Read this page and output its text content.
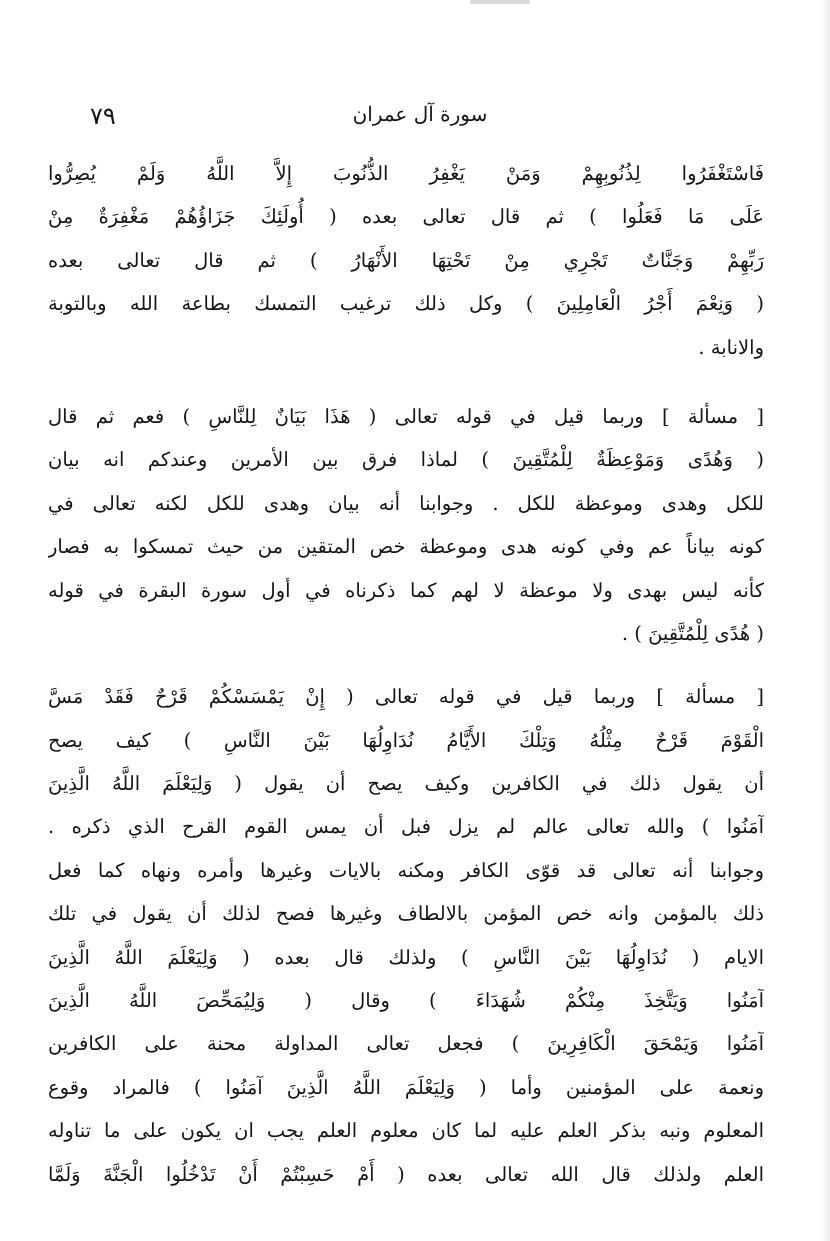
٧٩	سورة آل عمران
فَاسْتَغْفَرُوا لِذُنُوبِهِمْ وَمَنْ يَغْفِرُ الذُّنُوبَ إِلاَّ اللَّهُ وَلَمْ يُصِرُّوا
عَلَى مَا فَعَلُوا ) ثم قال تعالى بعده ( أُولَئِكَ جَزَاؤُهُمْ مَغْفِرَةٌ مِنْ
رَبِّهِمْ وَجَنَّاتٌ تَجْرِي مِنْ تَحْتِهَا الأَنْهَارُ ) ثم قال تعالى بعده
( وَنِعْمَ أَجْرُ الْعَامِلِينَ ) وكل ذلك ترغيب التمسك بطاعة الله وبالتوبة
والانابة .
[ مسألة ] وربما قيل في قوله تعالى ( هَذَا بَيَانٌ لِلنَّاسِ ) فعم ثم قال
( وَهُدًى وَمَوْعِظَةٌ لِلْمُتَّقِينَ ) لماذا فرق بين الأمرين وعندكم انه بيان
للكل وهدى وموعظة للكل . وجوابنا أنه بيان وهدى للكل لكنه تعالى في
كونه بياناً عم وفي كونه هدى وموعظة خص المتقين من حيث تمسكوا به فصار
كأنه ليس بهدى ولا موعظة لا لهم كما ذكرناه في أول سورة البقرة في قوله
( هُدًى لِلْمُتَّقِينَ ) .
[ مسألة ] وربما قيل في قوله تعالى ( إِنْ يَمْسَسْكُمْ قَرْحٌ فَقَدْ مَسَّ
الْقَوْمَ قَرْحٌ مِثْلُهُ وَتِلْكَ الأَيَّامُ نُدَاوِلُهَا بَيْنَ النَّاسِ ) كيف يصح
أن يقول ذلك في الكافرين وكيف يصح أن يقول ( وَلِيَعْلَمَ اللَّهُ الَّذِينَ
آمَنُوا ) والله تعالى عالم لم يزل فبل أن يمس القوم القرح الذي ذكره .
وجوابنا أنه تعالى قد قوّى الكافر ومكنه بالايات وغيرها وأمره ونهاه كما فعل
ذلك بالمؤمن وانه خص المؤمن بالالطاف وغيرها فصح لذلك أن يقول في تلك
الايام ( نُدَاوِلُهَا بَيْنَ النَّاسِ ) ولذلك قال بعده ( وَلِيَعْلَمَ اللَّهُ الَّذِينَ
آمَنُوا وَيَتَّخِذَ مِنْكُمْ شُهَدَاءَ ) وقال ( وَلِيُمَحِّصَ اللَّهُ الَّذِينَ
آمَنُوا وَيَمْحَقَ الْكَافِرِينَ ) فجعل تعالى المداولة محنة على الكافرين
ونعمة على المؤمنين وأما ( وَلِيَعْلَمَ اللَّهُ الَّذِينَ آمَنُوا ) فالمراد وقوع
المعلوم ونبه بذكر العلم عليه لما كان معلوم العلم يجب ان يكون على ما تناوله
العلم ولذلك قال الله تعالى بعده ( أَمْ حَسِبْتُمْ أَنْ تَدْخُلُوا الْجَنَّةَ وَلَمَّا
